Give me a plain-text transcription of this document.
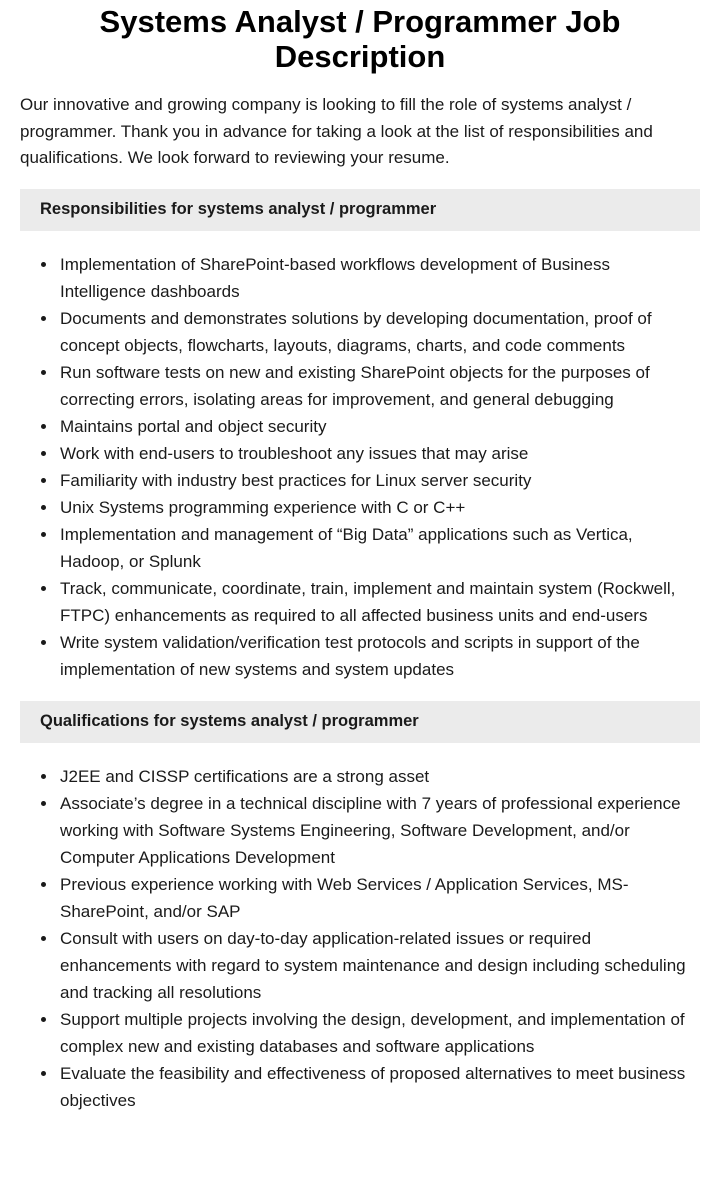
Systems Analyst / Programmer Job Description

Our innovative and growing company is looking to fill the role of systems analyst / programmer. Thank you in advance for taking a look at the list of responsibilities and qualifications. We look forward to reviewing your resume.

Responsibilities for systems analyst / programmer
Implementation of SharePoint-based workflows development of Business Intelligence dashboards
Documents and demonstrates solutions by developing documentation, proof of concept objects, flowcharts, layouts, diagrams, charts, and code comments
Run software tests on new and existing SharePoint objects for the purposes of correcting errors, isolating areas for improvement, and general debugging
Maintains portal and object security
Work with end-users to troubleshoot any issues that may arise
Familiarity with industry best practices for Linux server security
Unix Systems programming experience with C or C++
Implementation and management of “Big Data” applications such as Vertica, Hadoop, or Splunk
Track, communicate, coordinate, train, implement and maintain system (Rockwell, FTPC) enhancements as required to all affected business units and end-users
Write system validation/verification test protocols and scripts in support of the implementation of new systems and system updates
Qualifications for systems analyst / programmer
J2EE and CISSP certifications are a strong asset
Associate’s degree in a technical discipline with 7 years of professional experience working with Software Systems Engineering, Software Development, and/or Computer Applications Development
Previous experience working with Web Services / Application Services, MS-SharePoint, and/or SAP
Consult with users on day-to-day application-related issues or required enhancements with regard to system maintenance and design including scheduling and tracking all resolutions
Support multiple projects involving the design, development, and implementation of complex new and existing databases and software applications
Evaluate the feasibility and effectiveness of proposed alternatives to meet business objectives
